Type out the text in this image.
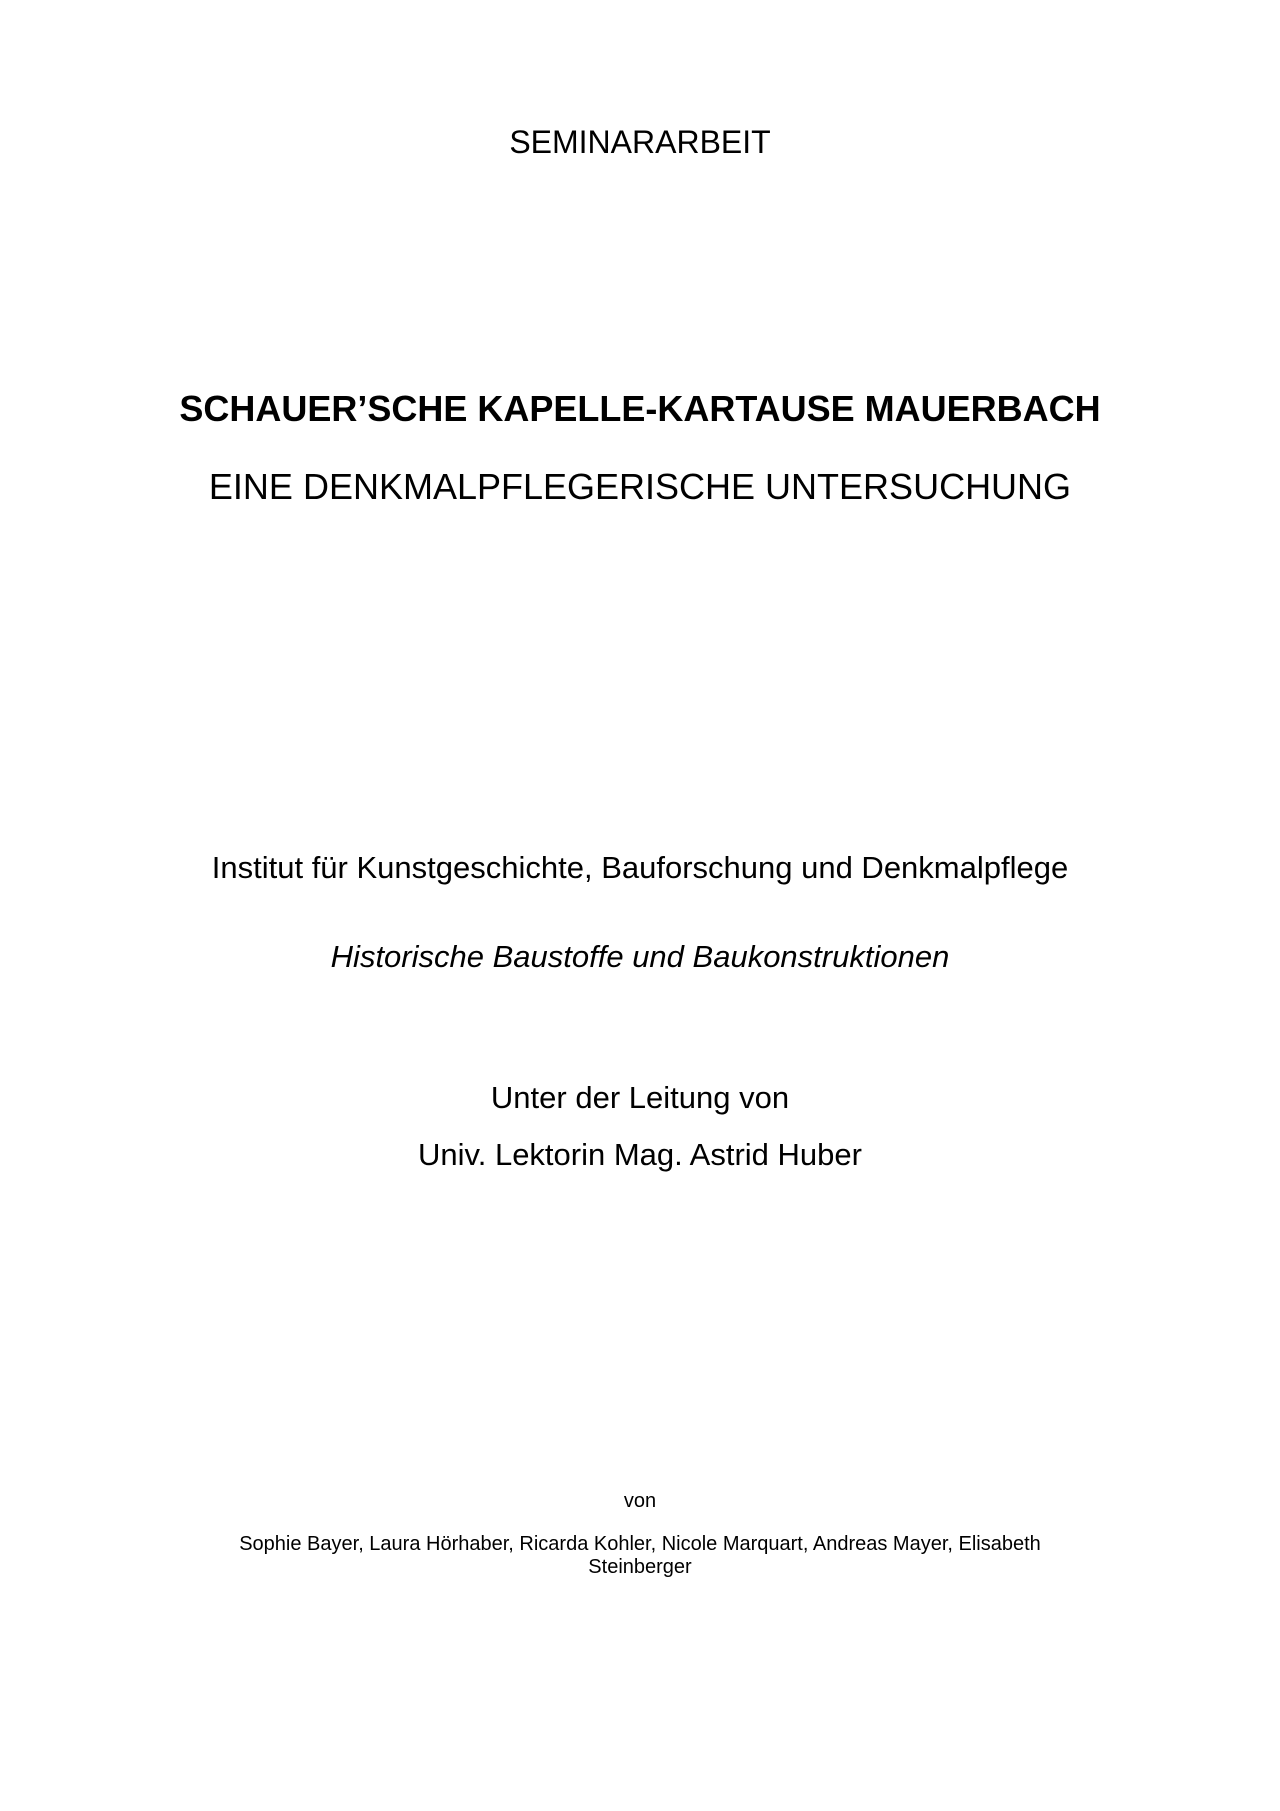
SEMINARARBEIT
SCHAUER’SCHE KAPELLE-KARTAUSE MAUERBACH
EINE DENKMALPFLEGERISCHE UNTERSUCHUNG
Institut für Kunstgeschichte, Bauforschung und Denkmalpflege
Historische Baustoffe und Baukonstruktionen
Unter der Leitung von
Univ. Lektorin Mag. Astrid Huber
von
Sophie Bayer, Laura Hörhaber, Ricarda Kohler, Nicole Marquart, Andreas Mayer, Elisabeth Steinberger
